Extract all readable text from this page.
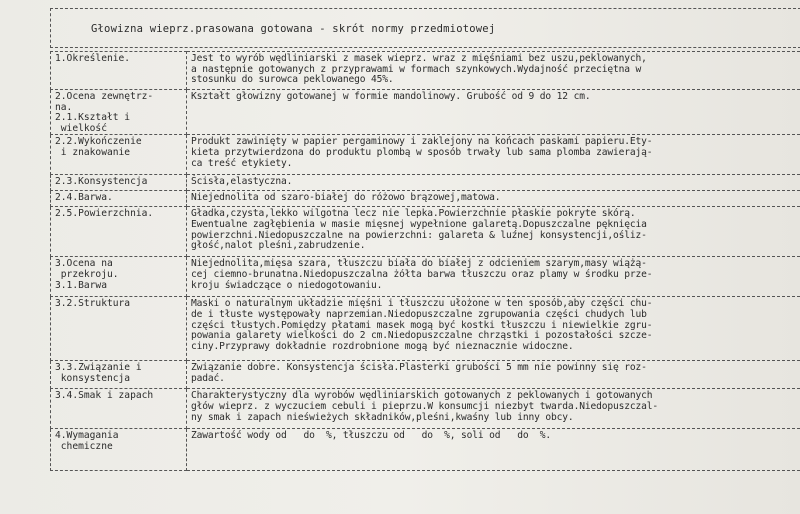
Głowizna wieprz.prasowana gotowana - skrót normy przedmiotowej
1.Określenie.	Jest to wyrób wędliniarski z masek wieprz. wraz z mięśniami bez uszu,peklowanych,
a następnie gotowanych z przyprawami w formach szynkowych.Wydajność przeciętna w
stosunku do surowca peklowanego 45%.
2.Ocena zewnętrz-
na.
2.1.Kształt i
wielkość	Kształt głowizny gotowanej w formie mandolinowy. Grubość od 9 do 12 cm.
2.2.Wykończenie
i znakowanie	Produkt zawinięty w papier pergaminowy i zaklejony na końcach paskami papieru.Ety-
kieta przytwierdzona do produktu plombą w sposób trwały lub sama plomba zawierają-
ca treść etykiety.
2.3.Konsystencja	Ścisła,elastyczna.
2.4.Barwa.	Niejednolita od szaro-białej do różowo brązowej,matowa.
2.5.Powierzchnia.	Gładka,czysta,lekko wilgotna lecz nie lepka.Powierzchnie płaskie pokryte skórą.
Ewentualne zagłębienia w masie mięsnej wypełnione galaretą.Dopuszczalne pęknięcia
powierzchni.Niedopuszczalne na powierzchni: galareta & luźnej konsystencji,ośliz-
głość,nalot pleśni,zabrudzenie.
3.Ocena na
przekroju.
3.1.Barwa	Niejednolita,mięsa szara, tłuszczu biała do białej z odcieniem szarym,masy wiążą-
cej ciemno-brunatna.Niedopuszczalna żółta barwa tłuszczu oraz plamy w środku prze-
kroju świadczące o niedogotowaniu.
3.2.Struktura	Maski o naturalnym układzie mięśni i tłuszczu ułożone w ten sposób,aby części chu-
de i tłuste występowały naprzemian.Niedopuszczalne zgrupowania części chudych lub
części tłustych.Pomiędzy płatami masek mogą być kostki tłuszczu i niewielkie zgru-
powania galarety wielkości do 2 cm.Niedopuszczalne chrząstki i pozostałości szcze-
ciny.Przyprawy dokładnie rozdrobnione mogą być nieznacznie widoczne.
3.3.Związanie i
konsystencja	Związanie dobre. Konsystencja ścisła.Plasterki grubości 5 mm nie powinny się roz-
padać.
3.4.Smak i zapach	Charakterystyczny dla wyrobów wędliniarskich gotowanych z peklowanych i gotowanych
głów wieprz. z wyczuciem cebuli i pieprzu.W konsumcji niezbyt twarda.Niedopuszczal-
ny smak i zapach nieświeżych składników,pleśni,kwaśny lub inny obcy.
4.Wymagania
chemiczne	Zawartość wody od   do  %, tłuszczu od   do  %, soli od   do  %.
